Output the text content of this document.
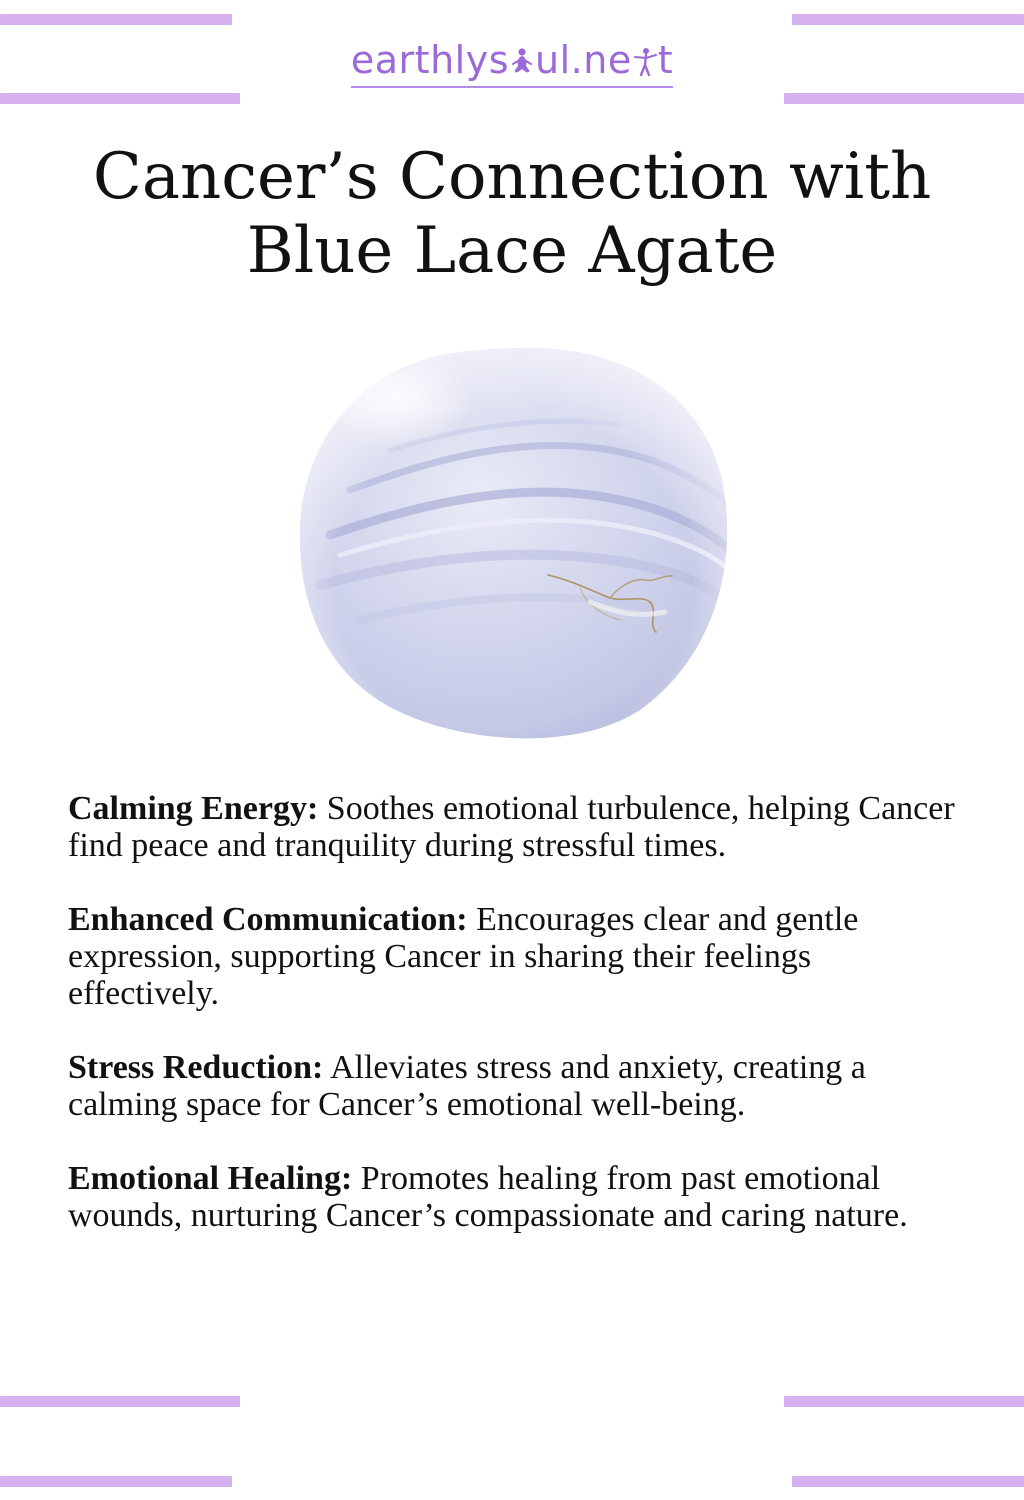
earthlys ul.ne t
Cancer’s Connection with
Blue Lace Agate

Calming Energy: Soothes emotional turbulence, helping Cancer find peace and tranquility during stressful times.

Enhanced Communication: Encourages clear and gentle expression, supporting Cancer in sharing their feelings effectively.

Stress Reduction: Alleviates stress and anxiety, creating a calming space for Cancer’s emotional well-being.

Emotional Healing: Promotes healing from past emotional wounds, nurturing Cancer’s compassionate and caring nature.
